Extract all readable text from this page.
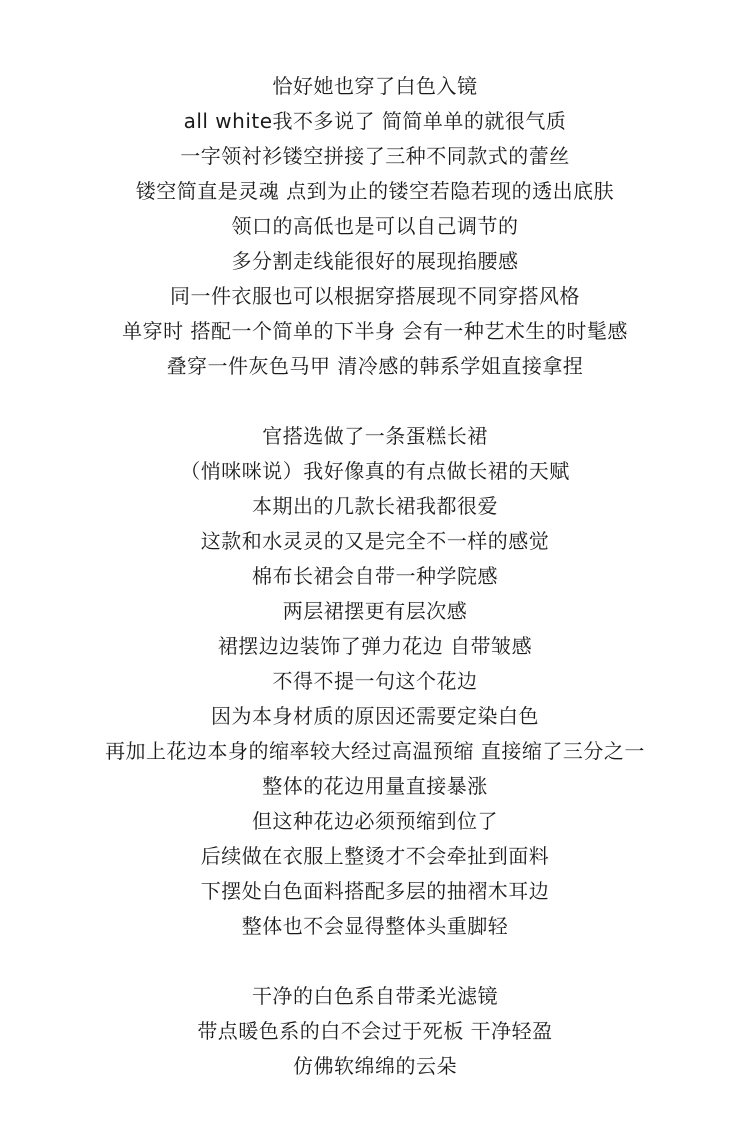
恰好她也穿了白色入镜
all white我不多说了 简简单单的就很气质
一字领衬衫镂空拼接了三种不同款式的蕾丝
镂空简直是灵魂 点到为止的镂空若隐若现的透出底肤
领口的高低也是可以自己调节的
多分割走线能很好的展现掐腰感
同一件衣服也可以根据穿搭展现不同穿搭风格
单穿时 搭配一个简单的下半身 会有一种艺术生的时髦感
叠穿一件灰色马甲 清冷感的韩系学姐直接拿捏
官搭选做了一条蛋糕长裙
（悄咪咪说）我好像真的有点做长裙的天赋
本期出的几款长裙我都很爱
这款和水灵灵的又是完全不一样的感觉
棉布长裙会自带一种学院感
两层裙摆更有层次感
裙摆边边装饰了弹力花边 自带皱感
不得不提一句这个花边
因为本身材质的原因还需要定染白色
再加上花边本身的缩率较大经过高温预缩 直接缩了三分之一
整体的花边用量直接暴涨
但这种花边必须预缩到位了
后续做在衣服上整烫才不会牵扯到面料
下摆处白色面料搭配多层的抽褶木耳边
整体也不会显得整体头重脚轻
干净的白色系自带柔光滤镜
带点暖色系的白不会过于死板 干净轻盈
仿佛软绵绵的云朵
